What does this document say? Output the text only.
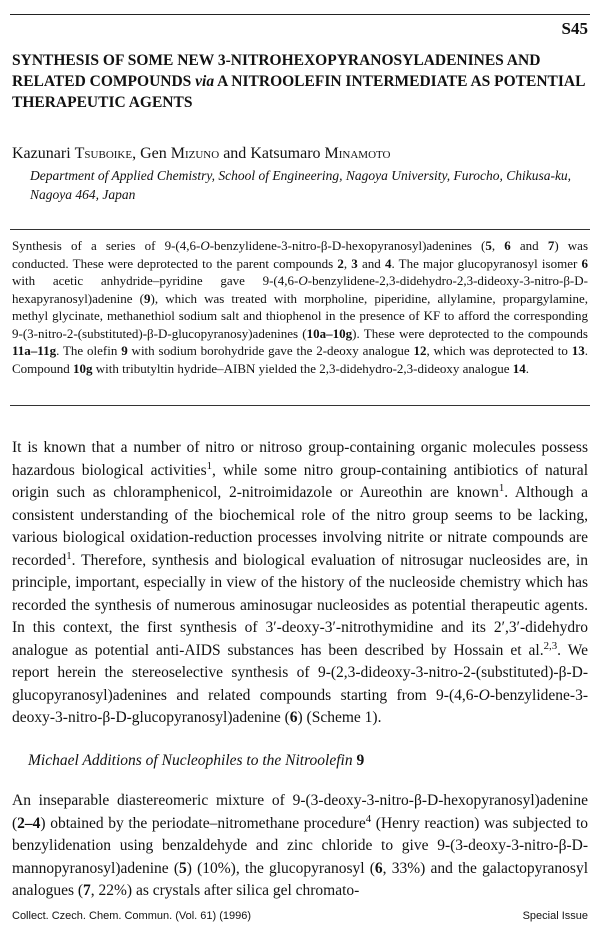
S45
SYNTHESIS OF SOME NEW 3-NITROHEXOPYRANOSYLADENINES AND RELATED COMPOUNDS via A NITROOLEFIN INTERMEDIATE AS POTENTIAL THERAPEUTIC AGENTS
Kazunari Tsuboike, Gen Mizuno and Katsumaro Minamoto
Department of Applied Chemistry, School of Engineering, Nagoya University, Furocho, Chikusa-ku, Nagoya 464, Japan

Synthesis of a series of 9-(4,6-O-benzylidene-3-nitro-β-D-hexopyranosyl)adenines (5, 6 and 7) was conducted. These were deprotected to the parent compounds 2, 3 and 4. The major glucopyranosyl isomer 6 with acetic anhydride–pyridine gave 9-(4,6-O-benzylidene-2,3-didehydro-2,3-dideoxy-3-nitro-β-D-hexapyranosyl)adenine (9), which was treated with morpholine, piperidine, allylamine, propargylamine, methyl glycinate, methanethiol sodium salt and thiophenol in the presence of KF to afford the corresponding 9-(3-nitro-2-(substituted)-β-D-glucopyranosy)adenines (10a–10g). These were deprotected to the compounds 11a–11g. The olefin 9 with sodium borohydride gave the 2-deoxy analogue 12, which was deprotected to 13. Compound 10g with tributyltin hydride–AIBN yielded the 2,3-didehydro-2,3-dideoxy analogue 14.

It is known that a number of nitro or nitroso group-containing organic molecules possess hazardous biological activities$^1$, while some nitro group-containing antibiotics of natural origin such as chloramphenicol, 2-nitroimidazole or Aureothin are known$^1$. Although a consistent understanding of the biochemical role of the nitro group seems to be lacking, various biological oxidation-reduction processes involving nitrite or nitrate compounds are recorded$^1$. Therefore, synthesis and biological evaluation of nitrosugar nucleosides are, in principle, important, especially in view of the history of the nucleoside chemistry which has recorded the synthesis of numerous aminosugar nucleosides as potential therapeutic agents. In this context, the first synthesis of 3′-deoxy-3′-nitrothymidine and its 2′,3′-didehydro analogue as potential anti-AIDS substances has been described by Hossain et al.$^{2,3}$. We report herein the stereoselective synthesis of 9-(2,3-dideoxy-3-nitro-2-(substituted)-β-D-glucopyranosyl)adenines and related compounds starting from 9-(4,6-O-benzylidene-3-deoxy-3-nitro-β-D-glucopyranosyl)adenine (6) (Scheme 1).

Michael Additions of Nucleophiles to the Nitroolefin 9

An inseparable diastereomeric mixture of 9-(3-deoxy-3-nitro-β-D-hexopyranosyl)adenine (2–4) obtained by the periodate–nitromethane procedure$^4$ (Henry reaction) was subjected to benzylidenation using benzaldehyde and zinc chloride to give 9-(3-deoxy-3-nitro-β-D-mannopyranosyl)adenine (5) (10%), the glucopyranosyl (6, 33%) and the galactopyranosyl analogues (7, 22%) as crystals after silica gel chromato-

Collect. Czech. Chem. Commun. (Vol. 61) (1996)	Special Issue
